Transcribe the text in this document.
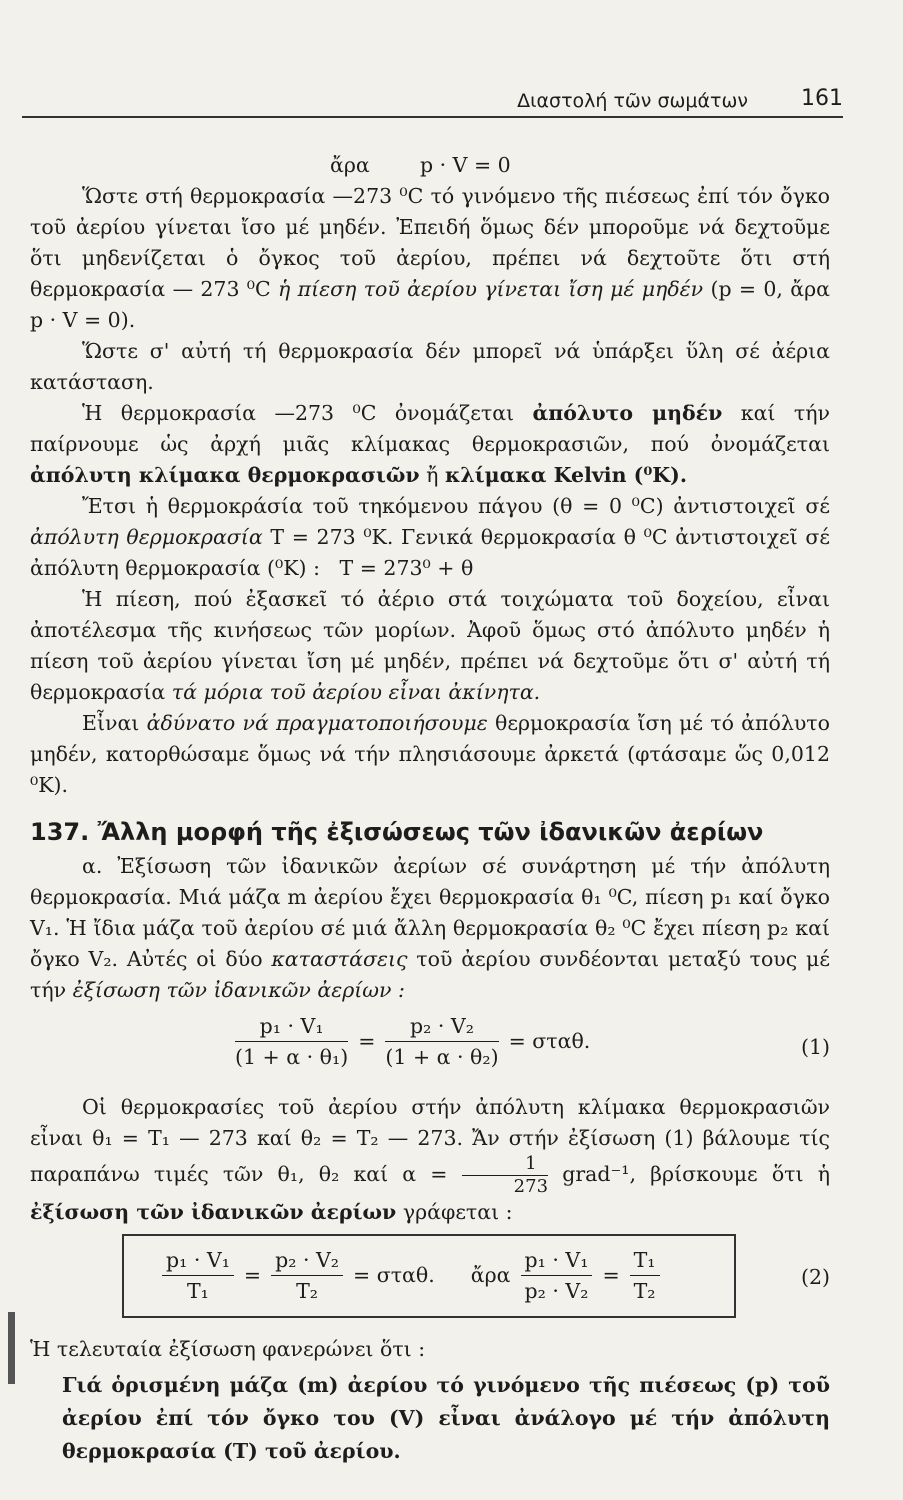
Διαστολή τῶν σωμάτων 161
ἄρα p · V = 0

Ὥστε στή θερμοκρασία —273 ⁰C τό γινόμενο τῆς πιέσεως ἐπί τόν ὄγκο τοῦ ἀερίου γίνεται ἴσο μέ μηδέν. Ἐπειδή ὅμως δέν μποροῦμε νά δεχτοῦμε ὅτι μηδενίζεται ὁ ὄγκος τοῦ ἀερίου, πρέπει νά δεχτοῦτε ὅτι στή θερμοκρασία — 273 ⁰C ἡ πίεση τοῦ ἀερίου γίνεται ἴση μέ μηδέν (p = 0, ἄρα p · V = 0).

Ὥστε σ' αὐτή τή θερμοκρασία δέν μπορεῖ νά ὑπάρξει ὕλη σέ ἀέρια κατάσταση.

Ἡ θερμοκρασία —273 ⁰C ὀνομάζεται ἀπόλυτο μηδέν καί τήν παίρνουμε ὡς ἀρχή μιᾶς κλίμακας θερμοκρασιῶν, πού ὀνομάζεται ἀπόλυτη κλίμακα θερμοκρασιῶν ἤ κλίμακα Kelvin (⁰K).

Ἔτσι ἡ θερμοκράσία τοῦ τηκόμενου πάγου (θ = 0 ⁰C) ἀντιστοιχεῖ σέ ἀπόλυτη θερμοκρασία T = 273 ⁰K. Γενικά θερμοκρασία θ ⁰C ἀντιστοιχεῖ σέ ἀπόλυτη θερμοκρασία (⁰K) : T = 273⁰ + θ

Ἡ πίεση, πού ἐξασκεῖ τό ἀέριο στά τοιχώματα τοῦ δοχείου, εἶναι ἀποτέλεσμα τῆς κινήσεως τῶν μορίων. Ἀφοῦ ὅμως στό ἀπόλυτο μηδέν ἡ πίεση τοῦ ἀερίου γίνεται ἴση μέ μηδέν, πρέπει νά δεχτοῦμε ὅτι σ' αὐτή τή θερμοκρασία τά μόρια τοῦ ἀερίου εἶναι ἀκίνητα.

Εἶναι ἀδύνατο νά πραγματοποιήσουμε θερμοκρασία ἴση μέ τό ἀπόλυτο μηδέν, κατορθώσαμε ὅμως νά τήν πλησιάσουμε ἀρκετά (φτάσαμε ὥς 0,012 ⁰K).

137. Ἄλλη μορφή τῆς ἐξισώσεως τῶν ἰδανικῶν ἀερίων

α. Ἐξίσωση τῶν ἰδανικῶν ἀερίων σέ συνάρτηση μέ τήν ἀπόλυτη θερμοκρασία. Μιά μάζα m ἀερίου ἔχει θερμοκρασία θ₁ ⁰C, πίεση p₁ καί ὄγκο V₁. Ἡ ἴδια μάζα τοῦ ἀερίου σέ μιά ἄλλη θερμοκρασία θ₂ ⁰C ἔχει πίεση p₂ καί ὄγκο V₂. Αὐτές οἱ δύο καταστάσεις τοῦ ἀερίου συνδέονται μεταξύ τους μέ τήν ἐξίσωση τῶν ἰδανικῶν ἀερίων :

$\frac{\text{p₁ · V₁}}{\text{(1 + α · θ₁)}} = \frac{\text{p₂ · V₂}}{\text{(1 + α · θ₂)}} = \sigma\tau\alpha\theta$.	(1)

Οἱ θερμοκρασίες τοῦ ἀερίου στήν ἀπόλυτη κλίμακα θερμοκρασιῶν εἶναι θ₁ = T₁ — 273 καί θ₂ = T₂ — 273. Ἄν στήν ἐξίσωση (1) βάλουμε τίς παραπάνω τιμές τῶν θ₁, θ₂ καί $\alpha = \frac{1}{273}$ grad⁻¹, βρίσκουμε ὅτι ἡ ἐξίσωση τῶν ἰδανικῶν ἀερίων γράφεται :

$\frac{\text{p₁ · V₁}}{\text{T₁}} = \frac{\text{p₂ · V₂}}{\text{T₂}} = \sigma\tau\alpha\theta$. ἄρα $\frac{\text{p₁ · V₁}}{\text{p₂ · V₂}} = \frac{\text{T₁}}{\text{T₂}}$	(2)

Ἡ τελευταία ἐξίσωση φανερώνει ὅτι :

Γιά ὁρισμένη μάζα (m) ἀερίου τό γινόμενο τῆς πιέσεως (p) τοῦ ἀερίου ἐπί τόν ὄγκο του (V) εἶναι ἀνάλογο μέ τήν ἀπόλυτη θερμοκρασία (T) τοῦ ἀερίου.
